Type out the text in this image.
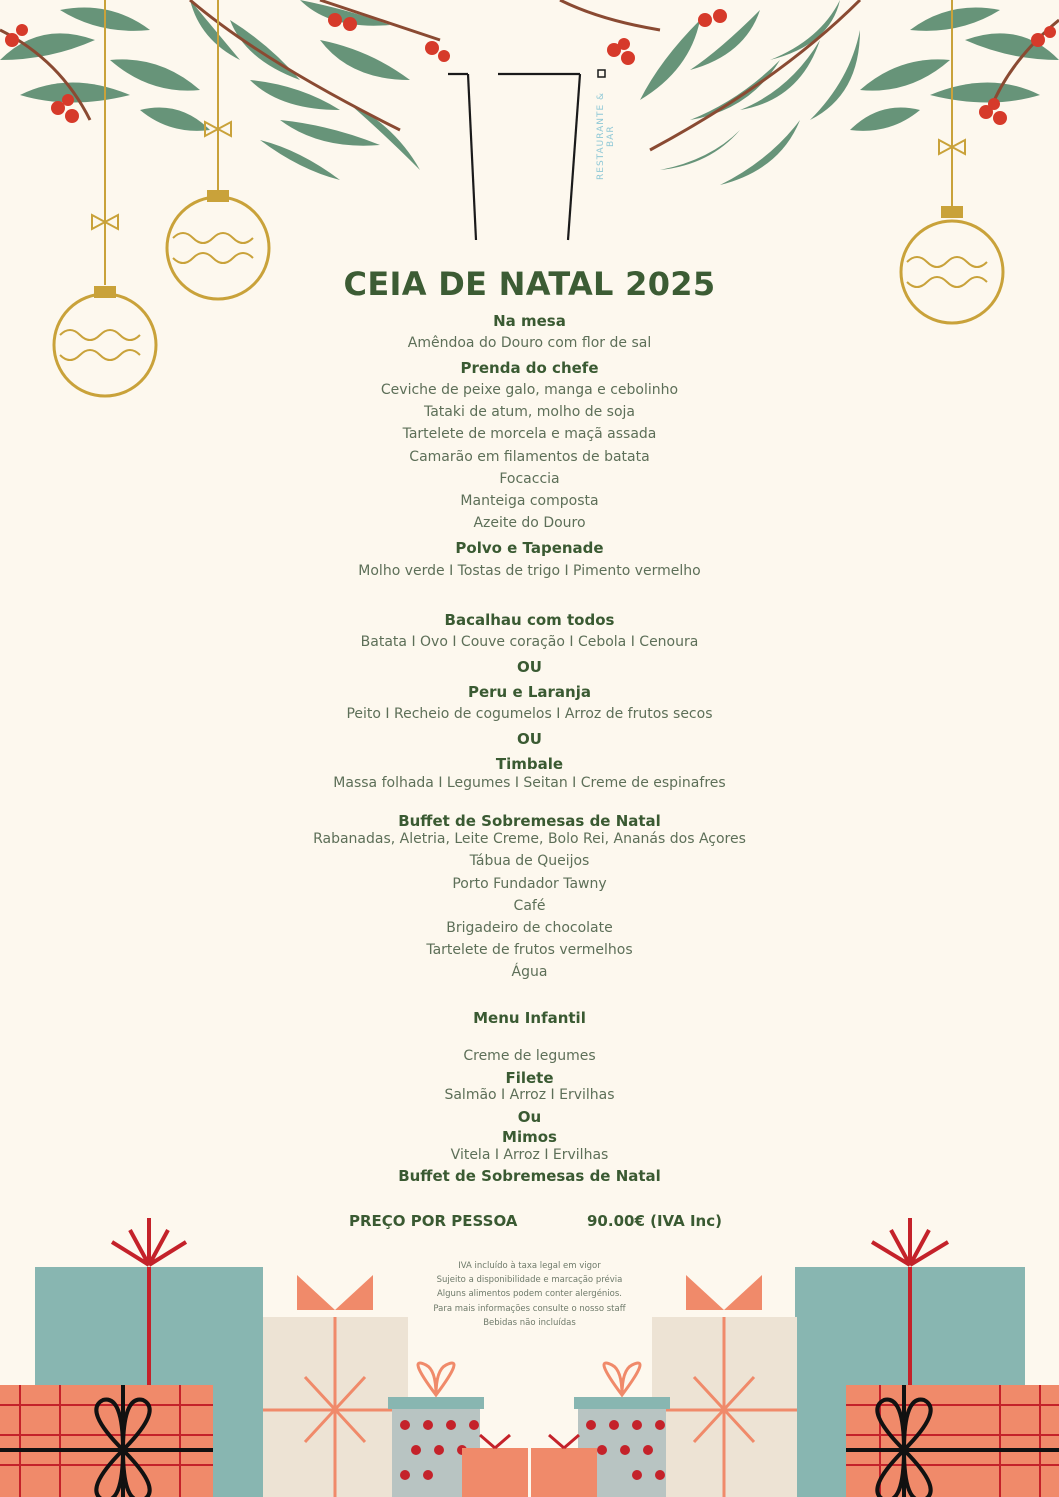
RESTAURANTE & BAR
CEIA DE NATAL 2025
Na mesa
Amêndoa do Douro com flor de sal
Prenda do chefe
Ceviche de peixe galo, manga e cebolinho
Tataki de atum, molho de soja
Tartelete de morcela e maçã assada
Camarão em filamentos de batata
Focaccia
Manteiga composta
Azeite do Douro
Polvo e Tapenade
Molho verde I Tostas de trigo I Pimento vermelho
Bacalhau com todos
Batata I Ovo I Couve coração I Cebola I Cenoura
OU
Peru e Laranja
Peito I Recheio de cogumelos I Arroz de frutos secos
OU
Timbale
Massa folhada I Legumes I Seitan I Creme de espinafres
Buffet de Sobremesas de Natal
Rabanadas, Aletria, Leite Creme, Bolo Rei, Ananás dos Açores
Tábua de Queijos
Porto Fundador Tawny
Café
Brigadeiro de chocolate
Tartelete de frutos vermelhos
Água
Menu Infantil
Creme de legumes
Filete
Salmão I Arroz I Ervilhas
Ou
Mimos
Vitela I Arroz I Ervilhas
Buffet de Sobremesas de Natal
PREÇO POR PESSOA	90.00€ (IVA Inc)
IVA incluído à taxa legal em vigor
Sujeito a disponibilidade e marcação prévia
Alguns alimentos podem conter alergénios.
Para mais informações consulte o nosso staff
Bebidas não incluídas
